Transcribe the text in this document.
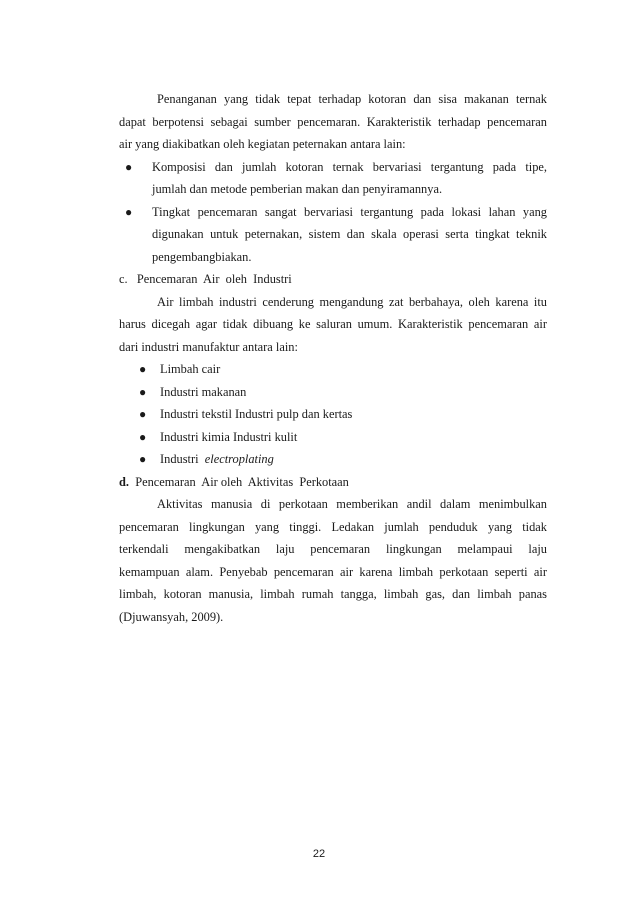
Penanganan yang tidak tepat terhadap kotoran dan sisa makanan ternak
dapat berpotensi sebagai sumber pencemaran. Karakteristik terhadap pencemaran
air yang diakibatkan oleh kegiatan peternakan antara lain:
● Komposisi dan jumlah kotoran ternak bervariasi tergantung pada tipe,
jumlah dan metode pemberian makan dan penyiramannya.
● Tingkat pencemaran sangat bervariasi tergantung pada lokasi lahan yang
digunakan untuk peternakan, sistem dan skala operasi serta tingkat teknik
pengembangbiakan.
c.   Pencemaran  Air  oleh  Industri
Air limbah industri cenderung mengandung zat berbahaya, oleh karena itu
harus dicegah agar tidak dibuang ke saluran umum. Karakteristik pencemaran air
dari industri manufaktur antara lain:
● Limbah cair
● Industri makanan
● Industri tekstil Industri pulp dan kertas
● Industri kimia Industri kulit
● Industri  electroplating
d.  Pencemaran  Air oleh  Aktivitas  Perkotaan
Aktivitas manusia di perkotaan memberikan andil dalam menimbulkan
pencemaran lingkungan yang tinggi. Ledakan jumlah penduduk yang tidak
terkendali mengakibatkan laju pencemaran lingkungan melampaui laju
kemampuan alam. Penyebab pencemaran air karena limbah perkotaan seperti air
limbah, kotoran manusia, limbah rumah tangga, limbah gas, dan limbah panas
(Djuwansyah, 2009).
22
